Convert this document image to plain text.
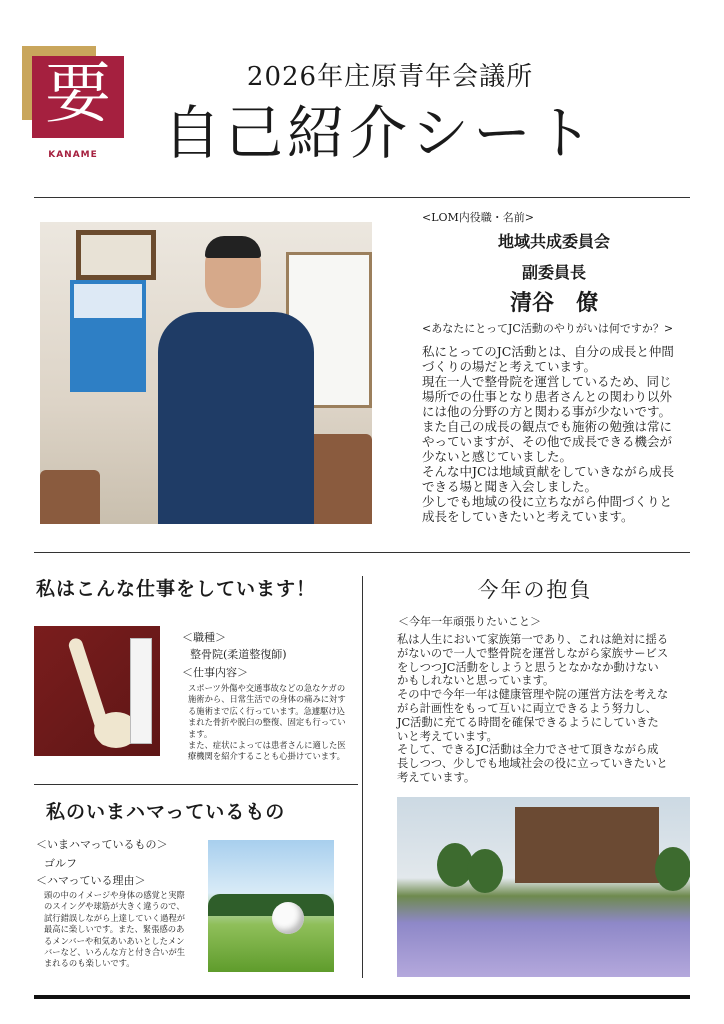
要
KANAME
2026年庄原青年会議所
自己紹介シート
<LOM内役職・名前>
地域共成委員会
副委員長
清谷　僚
<あなたにとってJC活動のやりがいは何ですか？>
私にとってのJC活動とは、自分の成長と仲間
づくりの場だと考えています。
現在一人で整骨院を運営しているため、同じ
場所での仕事となり患者さんとの関わり以外
には他の分野の方と関わる事が少ないです。
また自己の成長の観点でも施術の勉強は常に
やっていますが、その他で成長できる機会が
少ないと感じていました。
そんな中JCは地域貢献をしていきながら成長
できる場と聞き入会しました。
少しでも地域の役に立ちながら仲間づくりと
成長をしていきたいと考えています。
私はこんな仕事をしています！
＜職種＞
整骨院(柔道整復師)
＜仕事内容＞
スポーツ外傷や交通事故などの急なケガの
施術から、日常生活での身体の痛みに対す
る施術まで広く行っています。急遽駆け込
まれた骨折や脱臼の整復、固定も行ってい
ます。
また、症状によっては患者さんに適した医
療機関を紹介することも心掛けています。
私のいまハマっているもの
＜いまハマっているもの＞
ゴルフ
＜ハマっている理由＞
頭の中のイメージや身体の感覚と実際
のスイングや球筋が大きく違うので、
試行錯誤しながら上達していく過程が
最高に楽しいです。また、緊張感のあ
るメンバーや和気あいあいとしたメン
バーなど、いろんな方と付き合いが生
まれるのも楽しいです。
今年の抱負
＜今年一年頑張りたいこと＞
私は人生において家族第一であり、これは絶対に揺る
がないので一人で整骨院を運営しながら家族サービス
をしつつJC活動をしようと思うとなかなか動けない
かもしれないと思っています。
その中で今年一年は健康管理や院の運営方法を考えな
がら計画性をもって互いに両立できるよう努力し、
JC活動に充てる時間を確保できるようにしていきた
いと考えています。
そして、できるJC活動は全力でさせて頂きながら成
長しつつ、少しでも地域社会の役に立っていきたいと
考えています。
